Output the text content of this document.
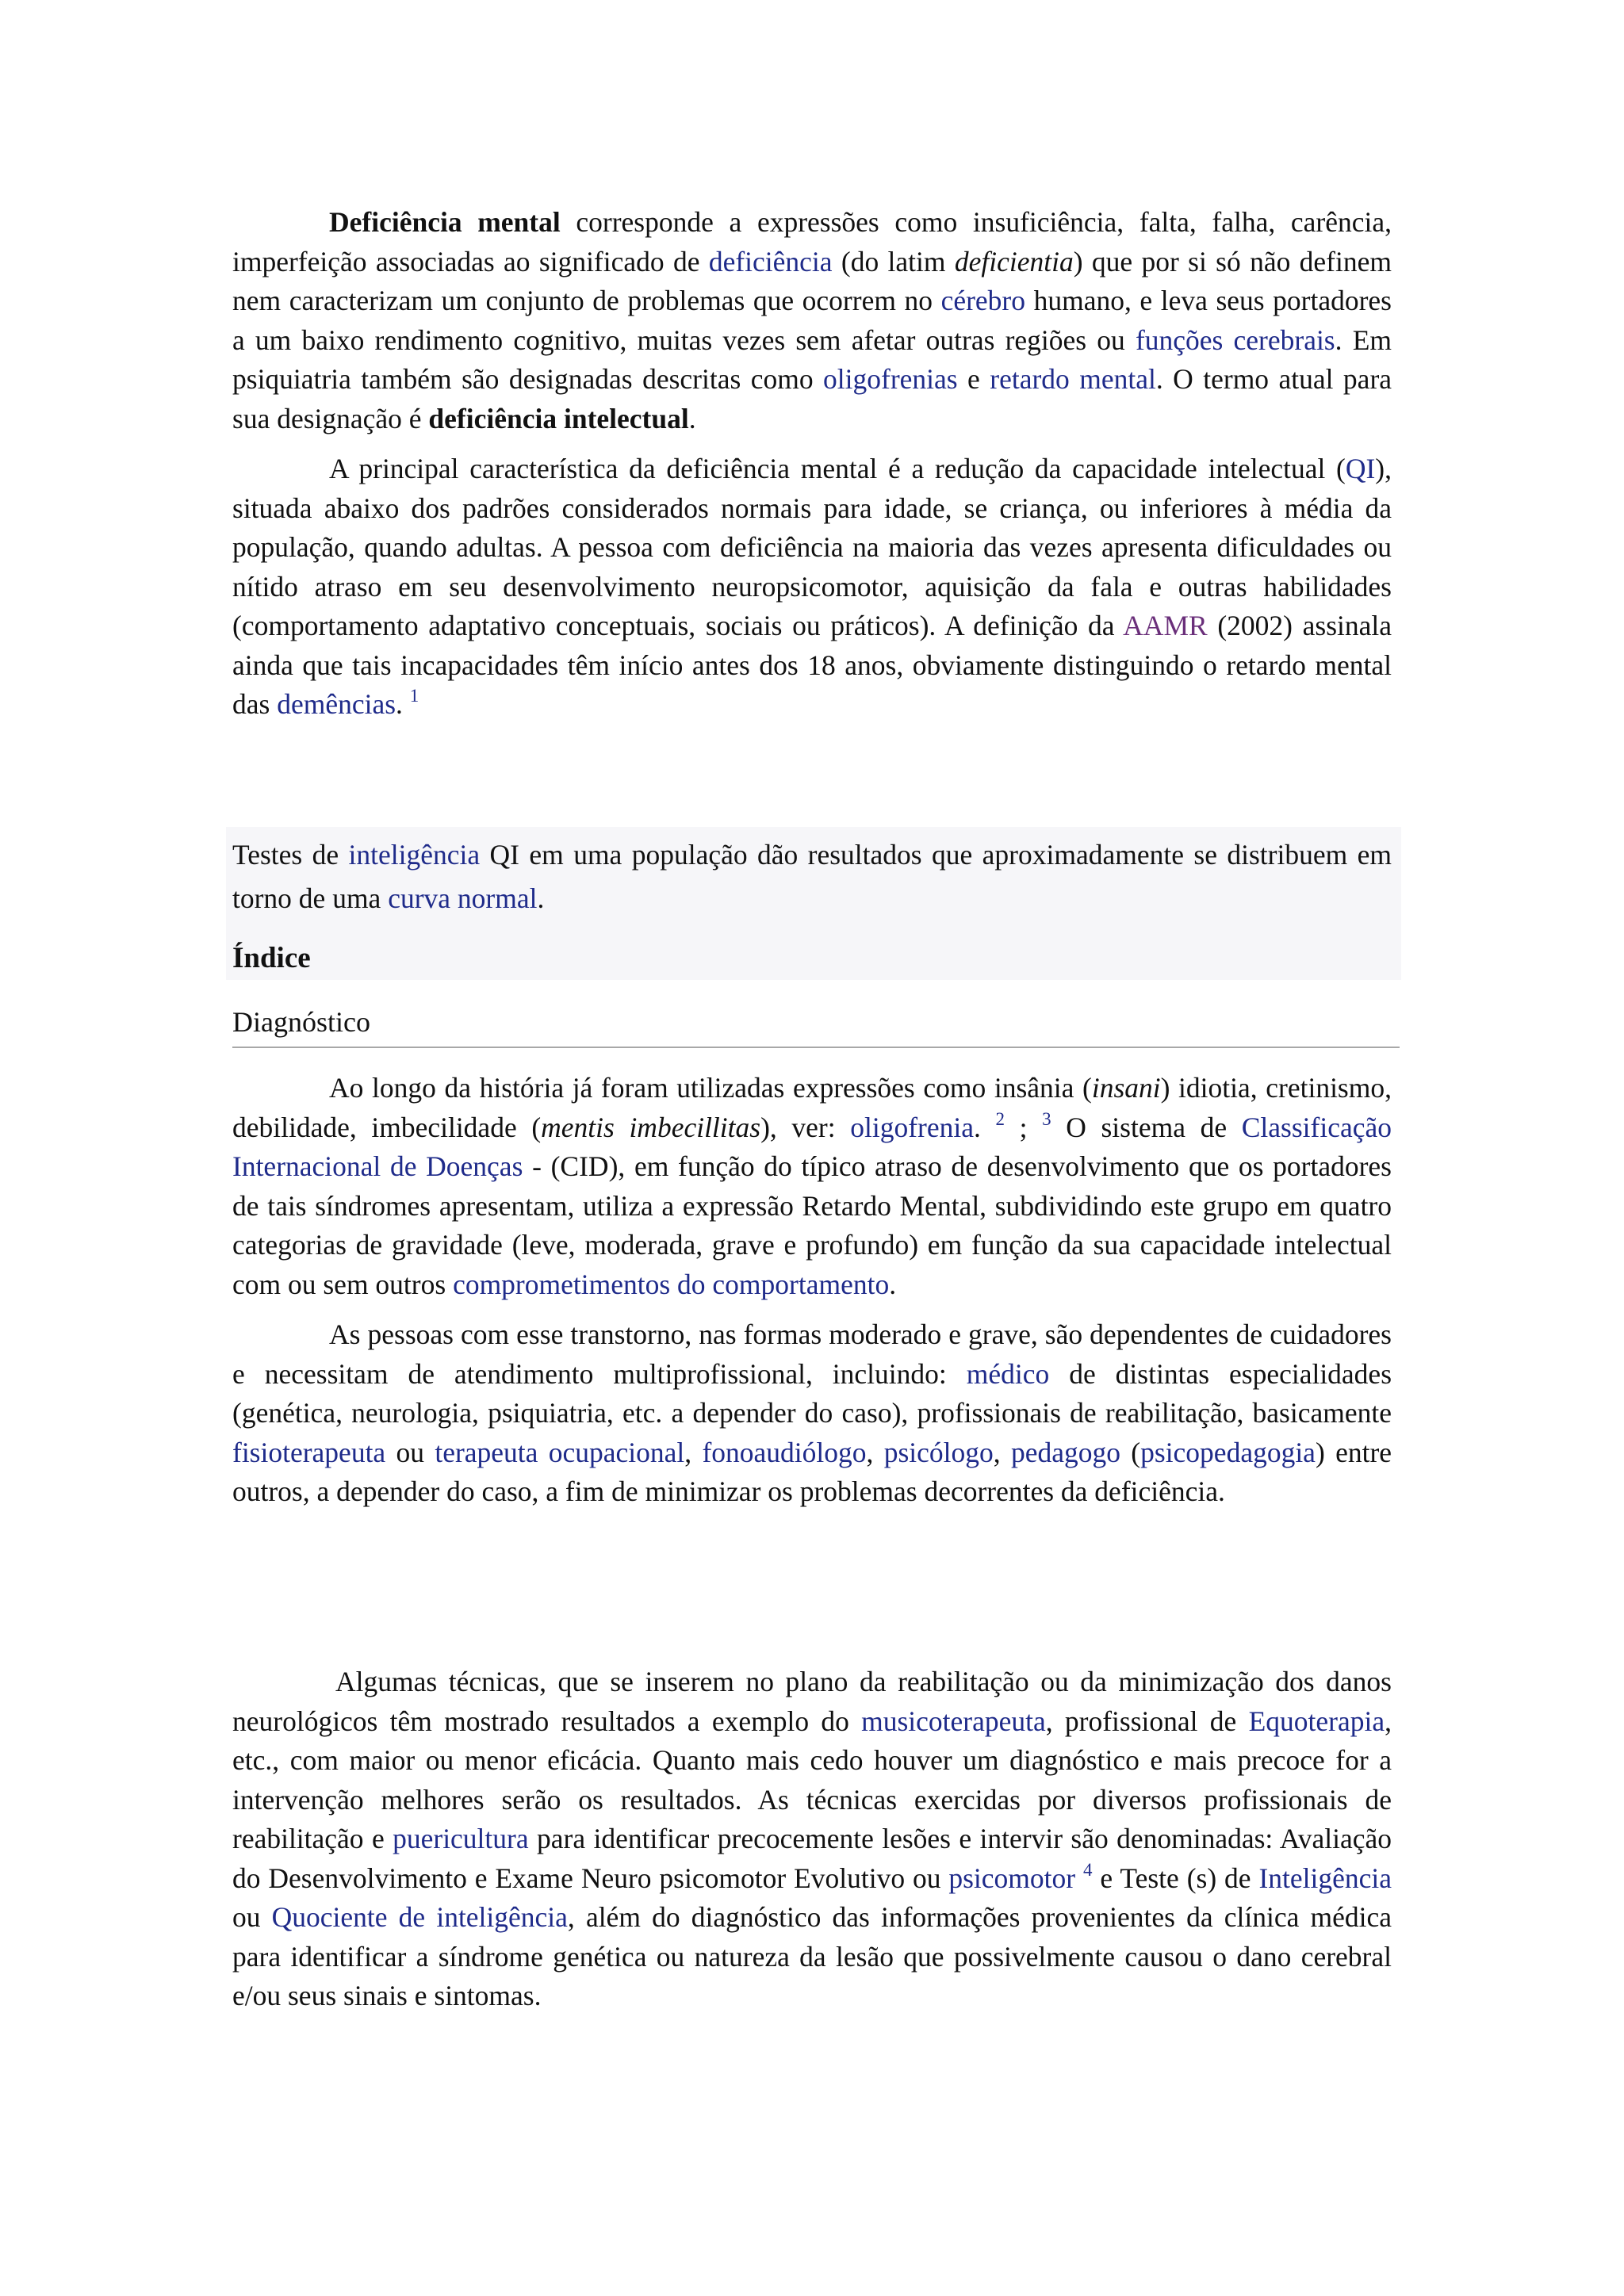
Deficiência mental corresponde a expressões como insuficiência, falta, falha, carência, imperfeição associadas ao significado de deficiência (do latim deficientia) que por si só não definem nem caracterizam um conjunto de problemas que ocorrem no cérebro humano, e leva seus portadores a um baixo rendimento cognitivo, muitas vezes sem afetar outras regiões ou funções cerebrais. Em psiquiatria também são designadas descritas como oligofrenias e retardo mental. O termo atual para sua designação é deficiência intelectual.

A principal característica da deficiência mental é a redução da capacidade intelectual (QI), situada abaixo dos padrões considerados normais para idade, se criança, ou inferiores à média da população, quando adultas. A pessoa com deficiência na maioria das vezes apresenta dificuldades ou nítido atraso em seu desenvolvimento neuropsicomotor, aquisição da fala e outras habilidades (comportamento adaptativo conceptuais, sociais ou práticos). A definição da AAMR (2002) assinala ainda que tais incapacidades têm início antes dos 18 anos, obviamente distinguindo o retardo mental das demências. $^1$

Testes de inteligência QI em uma população dão resultados que aproximadamente se distribuem em torno de uma curva normal.
Índice
Diagnóstico

Ao longo da história já foram utilizadas expressões como insânia (insani) idiotia, cretinismo, debilidade, imbecilidade (mentis imbecillitas), ver: oligofrenia. $^2$ ; $^3$ O sistema de Classificação Internacional de Doenças - (CID), em função do típico atraso de desenvolvimento que os portadores de tais síndromes apresentam, utiliza a expressão Retardo Mental, subdividindo este grupo em quatro categorias de gravidade (leve, moderada, grave e profundo) em função da sua capacidade intelectual com ou sem outros comprometimentos do comportamento.

As pessoas com esse transtorno, nas formas moderado e grave, são dependentes de cuidadores e necessitam de atendimento multiprofissional, incluindo: médico de distintas especialidades (genética, neurologia, psiquiatria, etc. a depender do caso), profissionais de reabilitação, basicamente fisioterapeuta ou terapeuta ocupacional, fonoaudiólogo, psicólogo, pedagogo (psicopedagogia) entre outros, a depender do caso, a fim de minimizar os problemas decorrentes da deficiência.

Algumas técnicas, que se inserem no plano da reabilitação ou da minimização dos danos neurológicos têm mostrado resultados a exemplo do musicoterapeuta, profissional de Equoterapia, etc., com maior ou menor eficácia. Quanto mais cedo houver um diagnóstico e mais precoce for a intervenção melhores serão os resultados. As técnicas exercidas por diversos profissionais de reabilitação e puericultura para identificar precocemente lesões e intervir são denominadas: Avaliação do Desenvolvimento e Exame Neuro psicomotor Evolutivo ou psicomotor $^4$ e Teste (s) de Inteligência ou Quociente de inteligência, além do diagnóstico das informações provenientes da clínica médica para identificar a síndrome genética ou natureza da lesão que possivelmente causou o dano cerebral e/ou seus sinais e sintomas.
